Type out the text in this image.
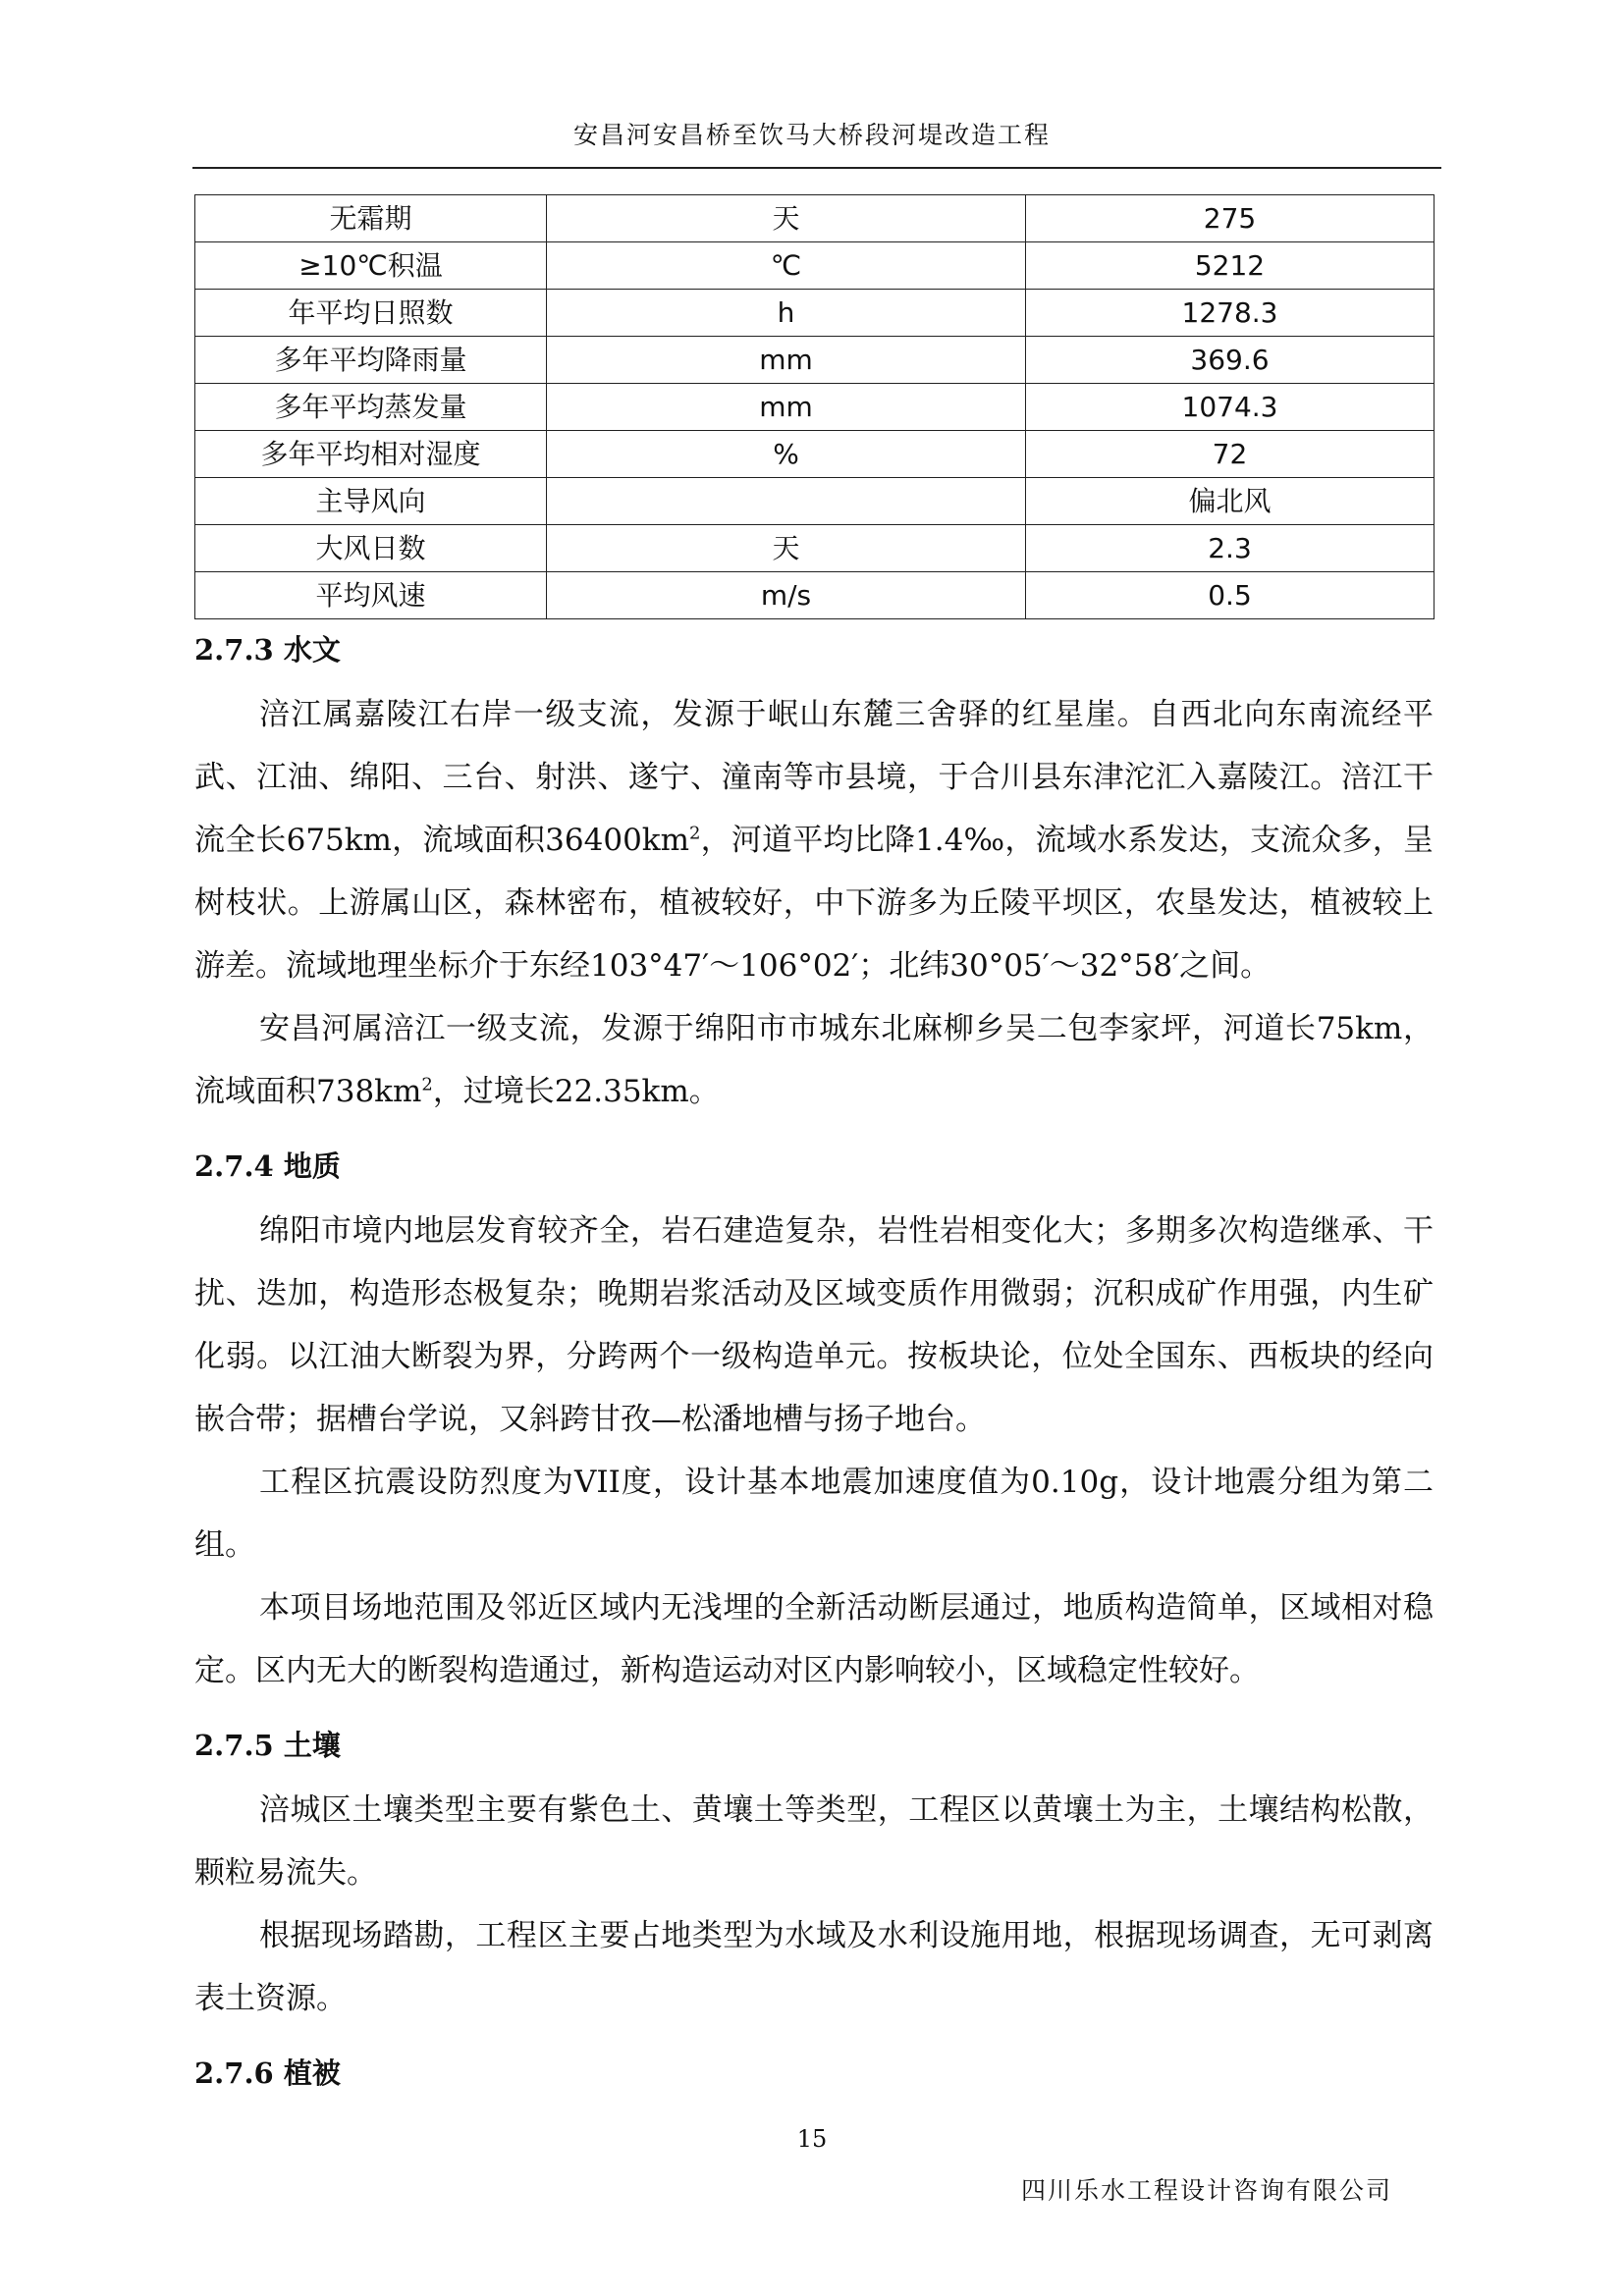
安昌河安昌桥至饮马大桥段河堤改造工程
无霜期	天	275
≥10℃积温	℃	5212
年平均日照数	h	1278.3
多年平均降雨量	mm	369.6
多年平均蒸发量	mm	1074.3
多年平均相对湿度	%	72
主导风向		偏北风
大风日数	天	2.3
平均风速	m/s	0.5
2.7.3 水文

涪江属嘉陵江右岸一级支流，发源于岷山东麓三舍驿的红星崖。自西北向东南流经平武、江油、绵阳、三台、射洪、遂宁、潼南等市县境，于合川县东津沱汇入嘉陵江。涪江干流全长675km，流域面积$36400km^2$，河道平均比降1.4‰，流域水系发达，支流众多，呈树枝状。上游属山区，森林密布，植被较好，中下游多为丘陵平坝区，农垦发达，植被较上游差。流域地理坐标介于东经103°47′～106°02′；北纬30°05′～32°58′之间。

安昌河属涪江一级支流，发源于绵阳市市城东北麻柳乡吴二包李家坪，河道长75km，流域面积$738km^2$，过境长22.35km。

2.7.4 地质

绵阳市境内地层发育较齐全，岩石建造复杂，岩性岩相变化大；多期多次构造继承、干扰、迭加，构造形态极复杂；晚期岩浆活动及区域变质作用微弱；沉积成矿作用强，内生矿化弱。以江油大断裂为界，分跨两个一级构造单元。按板块论，位处全国东、西板块的经向嵌合带；据槽台学说，又斜跨甘孜—松潘地槽与扬子地台。

工程区抗震设防烈度为VII度，设计基本地震加速度值为0.10g，设计地震分组为第二组。

本项目场地范围及邻近区域内无浅埋的全新活动断层通过，地质构造简单，区域相对稳定。区内无大的断裂构造通过，新构造运动对区内影响较小，区域稳定性较好。

2.7.5 土壤

涪城区土壤类型主要有紫色土、黄壤土等类型，工程区以黄壤土为主，土壤结构松散，颗粒易流失。

根据现场踏勘，工程区主要占地类型为水域及水利设施用地，根据现场调查，无可剥离表土资源。

2.7.6 植被
15
四川乐水工程设计咨询有限公司
